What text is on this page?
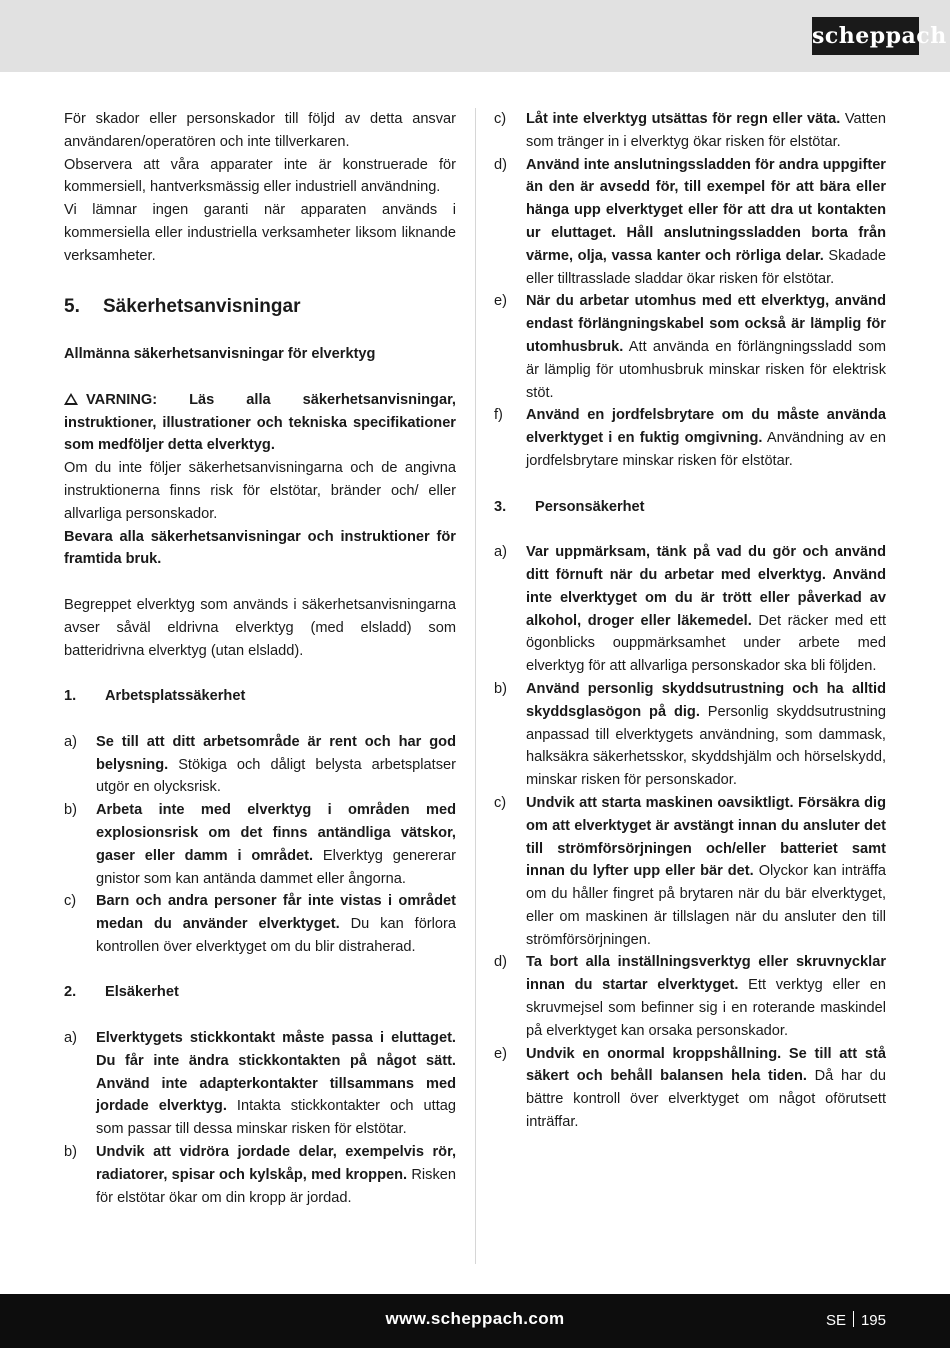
scheppach

För skador eller personskador till följd av detta ansvar användaren/operatören och inte tillverkaren.

Observera att våra apparater inte är konstruerade för kommersiell, hantverksmässig eller industriell användning.

Vi lämnar ingen garanti när apparaten används i kommersiella eller industriella verksamheter liksom liknande verksamheter.

5. Säkerhetsanvisningar

Allmänna säkerhetsanvisningar för elverktyg

VARNING: Läs alla säkerhetsanvisningar, instruktioner, illustrationer och tekniska specifikationer som medföljer detta elverktyg.

Om du inte följer säkerhetsanvisningarna och de angivna instruktionerna finns risk för elstötar, bränder och/ eller allvarliga personskador.

Bevara alla säkerhetsanvisningar och instruktioner för framtida bruk.

Begreppet elverktyg som används i säkerhetsanvisningarna avser såväl eldrivna elverktyg (med elsladd) som batteridrivna elverktyg (utan elsladd).

1. Arbetsplatssäkerhet
a)	Se till att ditt arbetsområde är rent och har god belysning. Stökiga och dåligt belysta arbetsplatser utgör en olycksrisk.
b)	Arbeta inte med elverktyg i områden med explosionsrisk om det finns antändliga vätskor, gaser eller damm i området. Elverktyg genererar gnistor som kan antända dammet eller ångorna.
c)	Barn och andra personer får inte vistas i området medan du använder elverktyget. Du kan förlora kontrollen över elverktyget om du blir distraherad.
2. Elsäkerhet
a)	Elverktygets stickkontakt måste passa i eluttaget. Du får inte ändra stickkontakten på något sätt. Använd inte adapterkontakter tillsammans med jordade elverktyg. Intakta stickkontakter och uttag som passar till dessa minskar risken för elstötar.
b)	Undvik att vidröra jordade delar, exempelvis rör, radiatorer, spisar och kylskåp, med kroppen. Risken för elstötar ökar om din kropp är jordad.
c)	Låt inte elverktyg utsättas för regn eller väta. Vatten som tränger in i elverktyg ökar risken för elstötar.
d)	Använd inte anslutningssladden för andra uppgifter än den är avsedd för, till exempel för att bära eller hänga upp elverktyget eller för att dra ut kontakten ur eluttaget. Håll anslutningssladden borta från värme, olja, vassa kanter och rörliga delar. Skadade eller tilltrasslade sladdar ökar risken för elstötar.
e)	När du arbetar utomhus med ett elverktyg, använd endast förlängningskabel som också är lämplig för utomhusbruk. Att använda en förlängningssladd som är lämplig för utomhusbruk minskar risken för elektrisk stöt.
f)	Använd en jordfelsbrytare om du måste använda elverktyget i en fuktig omgivning. Användning av en jordfelsbrytare minskar risken för elstötar.
3. Personsäkerhet
a)	Var uppmärksam, tänk på vad du gör och använd ditt förnuft när du arbetar med elverktyg. Använd inte elverktyget om du är trött eller påverkad av alkohol, droger eller läkemedel. Det räcker med ett ögonblicks ouppmärksamhet under arbete med elverktyg för att allvarliga personskador ska bli följden.
b)	Använd personlig skyddsutrustning och ha alltid skyddsglasögon på dig. Personlig skyddsutrustning anpassad till elverktygets användning, som dammask, halksäkra säkerhetsskor, skyddshjälm och hörselskydd, minskar risken för personskador.
c)	Undvik att starta maskinen oavsiktligt. Försäkra dig om att elverktyget är avstängt innan du ansluter det till strömförsörjningen och/eller batteriet samt innan du lyfter upp eller bär det. Olyckor kan inträffa om du håller fingret på brytaren när du bär elverktyget, eller om maskinen är tillslagen när du ansluter den till strömförsörjningen.
d)	Ta bort alla inställningsverktyg eller skruvnycklar innan du startar elverktyget. Ett verktyg eller en skruvmejsel som befinner sig i en roterande maskindel på elverktyget kan orsaka personskador.
e)	Undvik en onormal kroppshållning. Se till att stå säkert och behåll balansen hela tiden. Då har du bättre kontroll över elverktyget om något oförutsett inträffar.
www.scheppach.com	SE 195
